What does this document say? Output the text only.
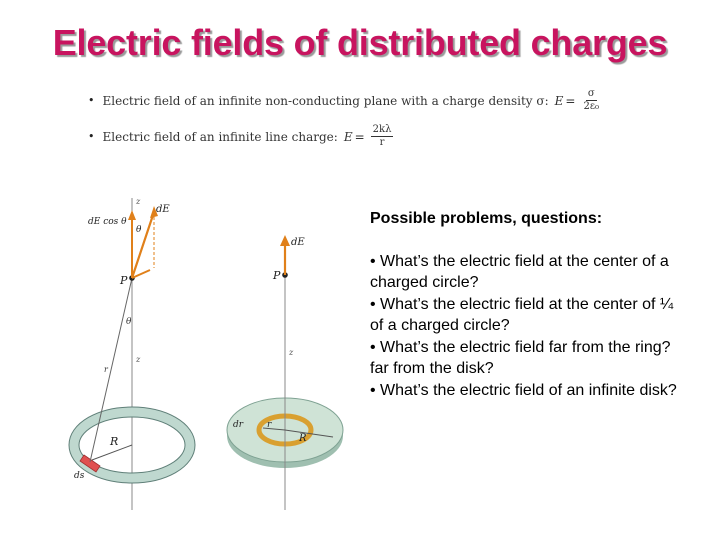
Electric fields of distributed charges
• Electric field of an infinite non-conducting plane with a charge density σ: $E = \frac{\sigma}{\text{2ε₀}}$
• Electric field of an infinite line charge: $E = \frac{2k\lambda}{r}$
z
R
ds
r
z
θ
P
dE
dE cos θ
θ
r
R
dr
z
P
dE
Possible problems, questions:

• What’s the electric field at the center of a charged circle?

• What’s the electric field at the center of ¼ of a charged circle?

• What’s the electric field far from the ring? far from the disk?

• What’s the electric field of an infinite disk?
